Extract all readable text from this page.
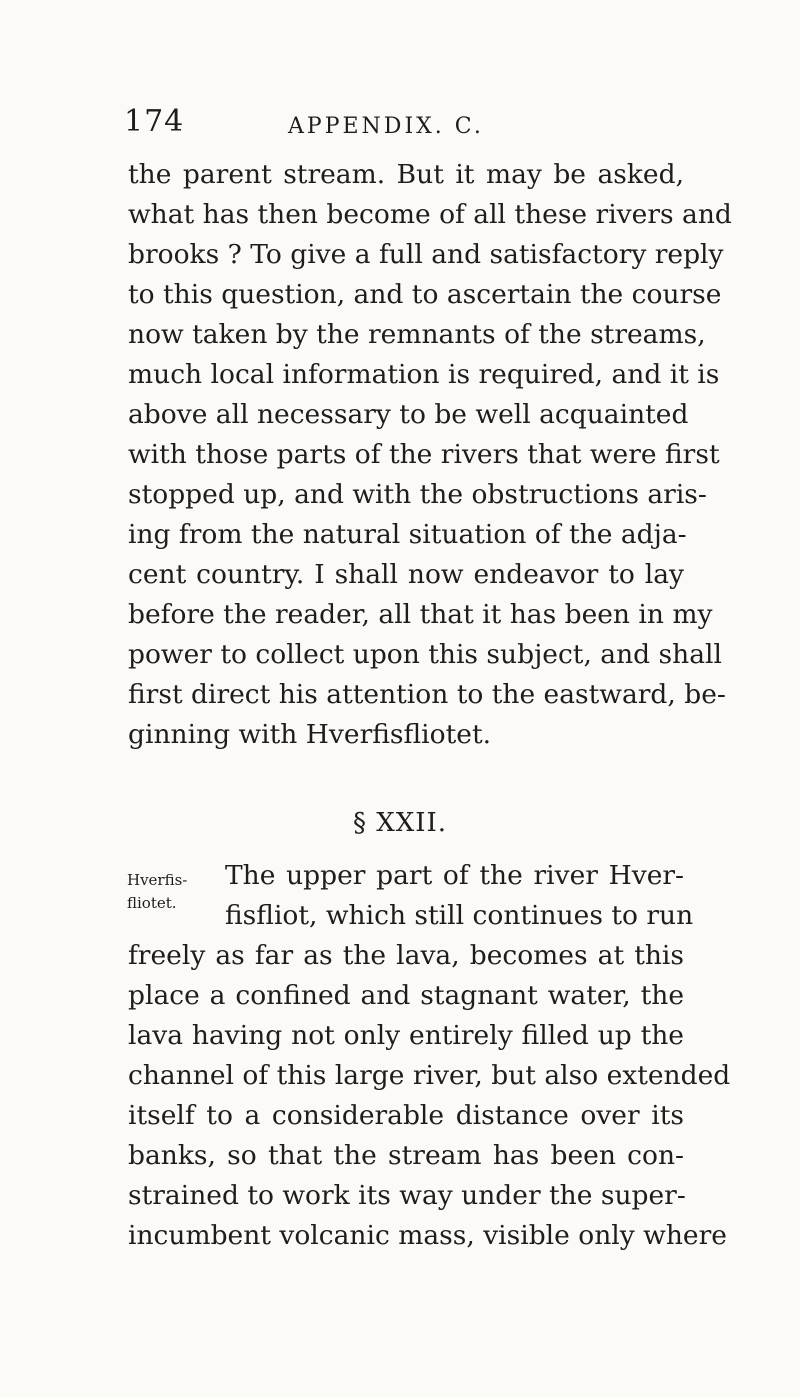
174	APPENDIX. C.
the parent stream. But it may be asked,
what has then become of all these rivers and
brooks ? To give a full and satisfactory reply
to this question, and to ascertain the course
now taken by the remnants of the streams,
much local information is required, and it is
above all necessary to be well acquainted
with those parts of the rivers that were first
stopped up, and with the obstructions aris-
ing from the natural situation of the adja-
cent country. I shall now endeavor to lay
before the reader, all that it has been in my
power to collect upon this subject, and shall
first direct his attention to the eastward, be-
ginning with Hverfisfliotet.
§ XXII.
Hverfis-
fliotet.
The upper part of the river Hver-
fisfliot, which still continues to run
freely as far as the lava, becomes at this
place a confined and stagnant water, the
lava having not only entirely filled up the
channel of this large river, but also extended
itself to a considerable distance over its
banks, so that the stream has been con-
strained to work its way under the super-
incumbent volcanic mass, visible only where
